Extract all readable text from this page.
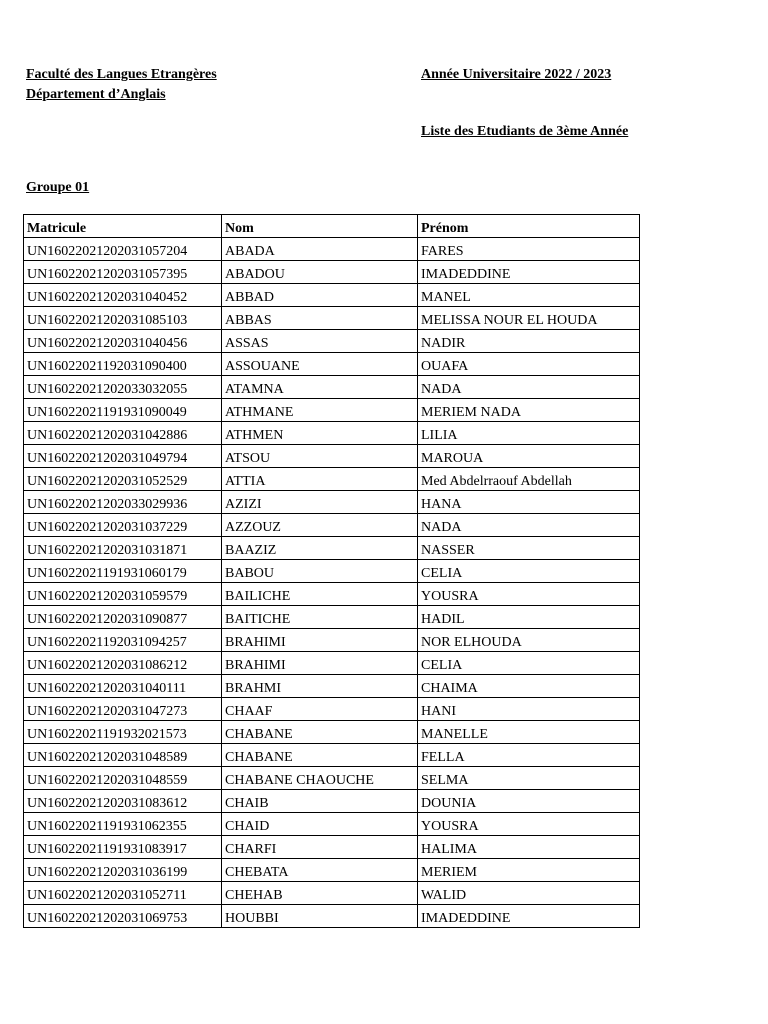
Faculté des Langues Etrangères
Département d’Anglais
Année Universitaire 2022 / 2023
Liste des Etudiants de 3ème Année
Groupe 01
Matricule	Nom	Prénom
UN16022021202031057204	ABADA	FARES
UN16022021202031057395	ABADOU	IMADEDDINE
UN16022021202031040452	ABBAD	MANEL
UN16022021202031085103	ABBAS	MELISSA NOUR EL HOUDA
UN16022021202031040456	ASSAS	NADIR
UN16022021192031090400	ASSOUANE	OUAFA
UN16022021202033032055	ATAMNA	NADA
UN16022021191931090049	ATHMANE	MERIEM NADA
UN16022021202031042886	ATHMEN	LILIA
UN16022021202031049794	ATSOU	MAROUA
UN16022021202031052529	ATTIA	Med Abdelrraouf Abdellah
UN16022021202033029936	AZIZI	HANA
UN16022021202031037229	AZZOUZ	NADA
UN16022021202031031871	BAAZIZ	NASSER
UN16022021191931060179	BABOU	CELIA
UN16022021202031059579	BAILICHE	YOUSRA
UN16022021202031090877	BAITICHE	HADIL
UN16022021192031094257	BRAHIMI	NOR ELHOUDA
UN16022021202031086212	BRAHIMI	CELIA
UN16022021202031040111	BRAHMI	CHAIMA
UN16022021202031047273	CHAAF	HANI
UN16022021191932021573	CHABANE	MANELLE
UN16022021202031048589	CHABANE	FELLA
UN16022021202031048559	CHABANE CHAOUCHE	SELMA
UN16022021202031083612	CHAIB	DOUNIA
UN16022021191931062355	CHAID	YOUSRA
UN16022021191931083917	CHARFI	HALIMA
UN16022021202031036199	CHEBATA	MERIEM
UN16022021202031052711	CHEHAB	WALID
UN16022021202031069753	HOUBBI	IMADEDDINE
